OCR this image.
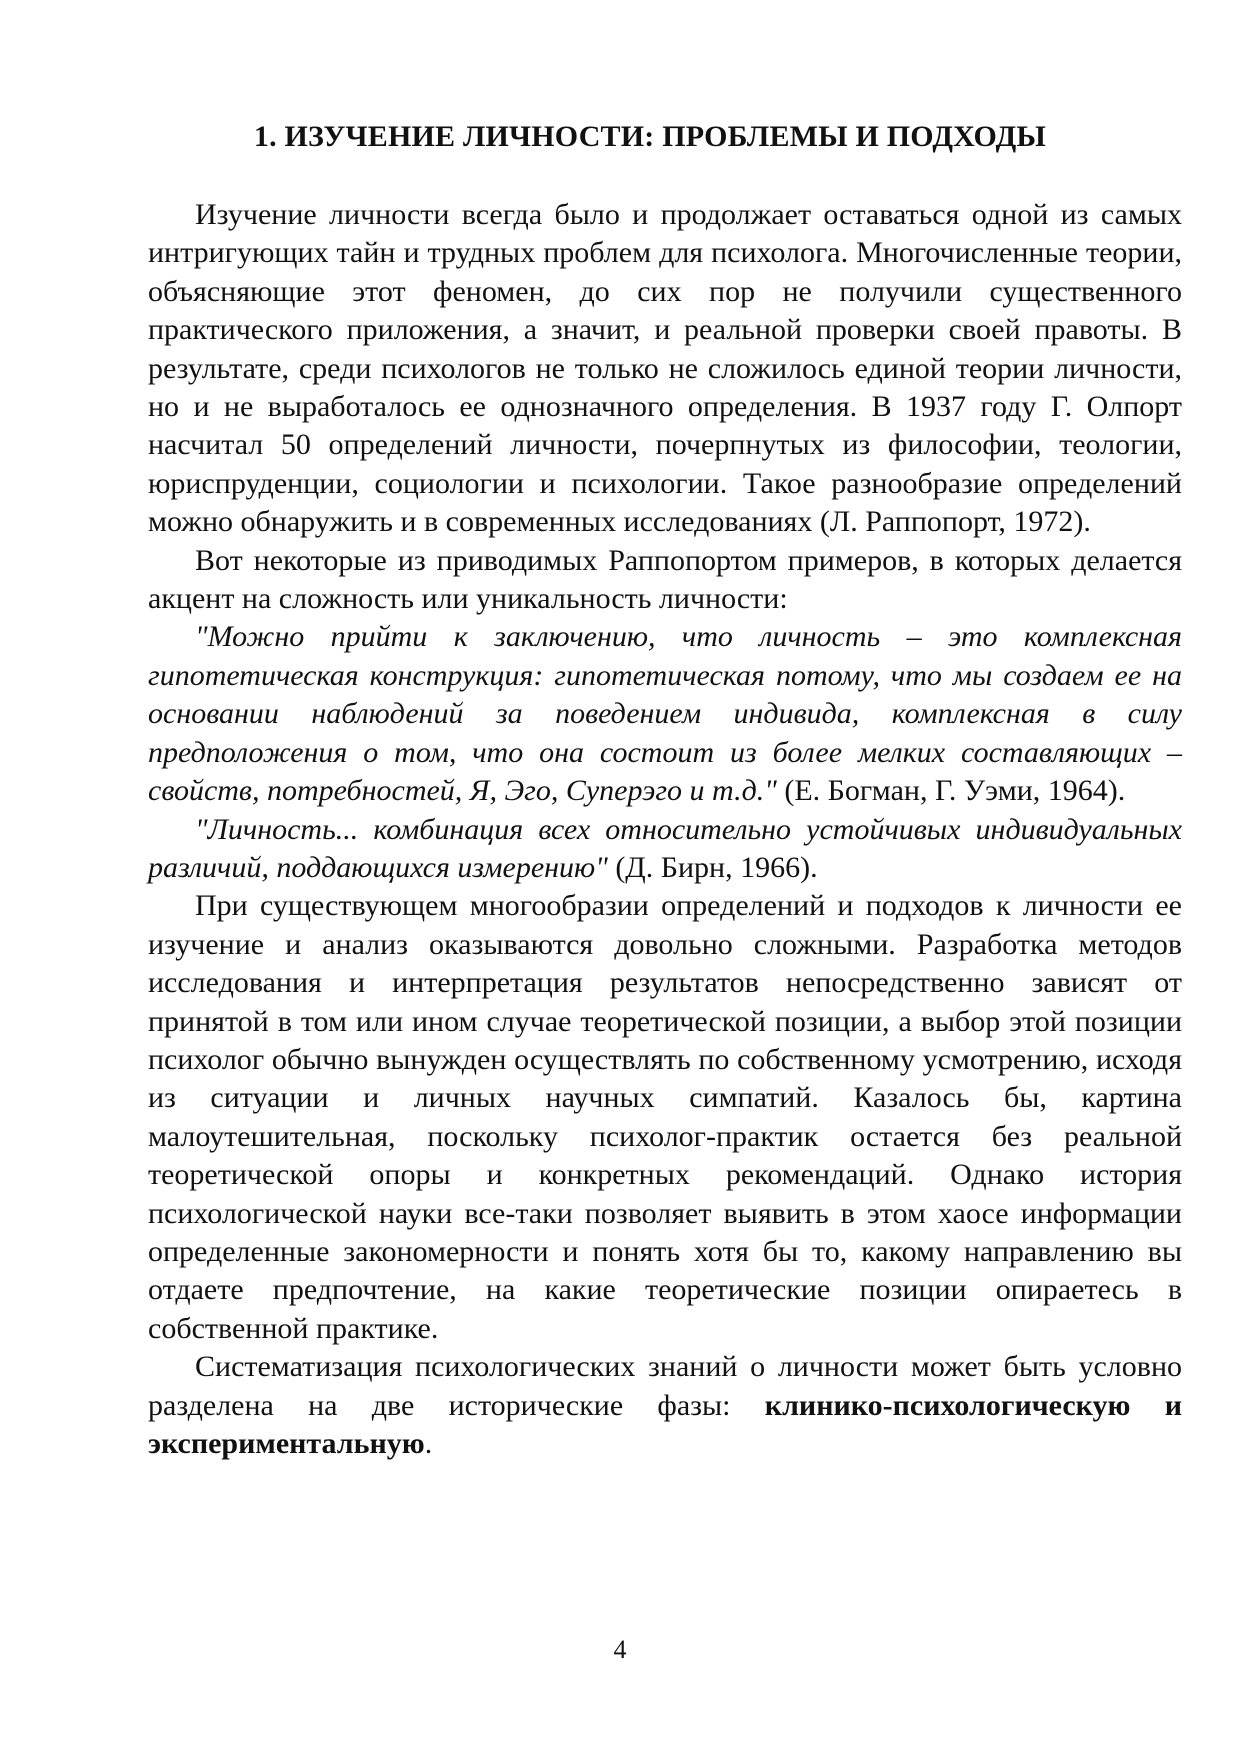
1. ИЗУЧЕНИЕ ЛИЧНОСТИ: ПРОБЛЕМЫ И ПОДХОДЫ

Изучение личности всегда было и продолжает оставаться одной из самых интригующих тайн и трудных проблем для психолога. Многочисленные теории, объясняющие этот феномен, до сих пор не получили существенного практического приложения, а значит, и реальной проверки своей правоты. В результате, среди психологов не только не сложилось единой теории личности, но и не выработалось ее однозначного определения. В 1937 году Г. Олпорт насчитал 50 определений личности, почерпнутых из философии, теологии, юриспруденции, социологии и психологии. Такое разнообразие определений можно обнаружить и в современных исследованиях (Л. Раппопорт, 1972).

Вот некоторые из приводимых Раппопортом примеров, в которых делается акцент на сложность или уникальность личности:

"Можно прийти к заключению, что личность – это комплексная гипотетическая конструкция: гипотетическая потому, что мы создаем ее на основании наблюдений за поведением индивида, комплексная в силу предположения о том, что она состоит из более мелких составляющих – свойств, потребностей, Я, Эго, Суперэго и т.д." (Е. Богман, Г. Уэми, 1964).

"Личность... комбинация всех относительно устойчивых индивидуальных различий, поддающихся измерению" (Д. Бирн, 1966).

При существующем многообразии определений и подходов к личности ее изучение и анализ оказываются довольно сложными. Разработка методов исследования и интерпретация результатов непосредственно зависят от принятой в том или ином случае теоретической позиции, а выбор этой позиции психолог обычно вынужден осуществлять по собственному усмотрению, исходя из ситуации и личных научных симпатий. Казалось бы, картина малоутешительная, поскольку психолог-практик остается без реальной теоретической опоры и конкретных рекомендаций. Однако история психологической науки все-таки позволяет выявить в этом хаосе информации определенные закономерности и понять хотя бы то, какому направлению вы отдаете предпочтение, на какие теоретические позиции опираетесь в собственной практике.

Систематизация психологических знаний о личности может быть условно разделена на две исторические фазы: клинико-психологическую и экспериментальную.

4
